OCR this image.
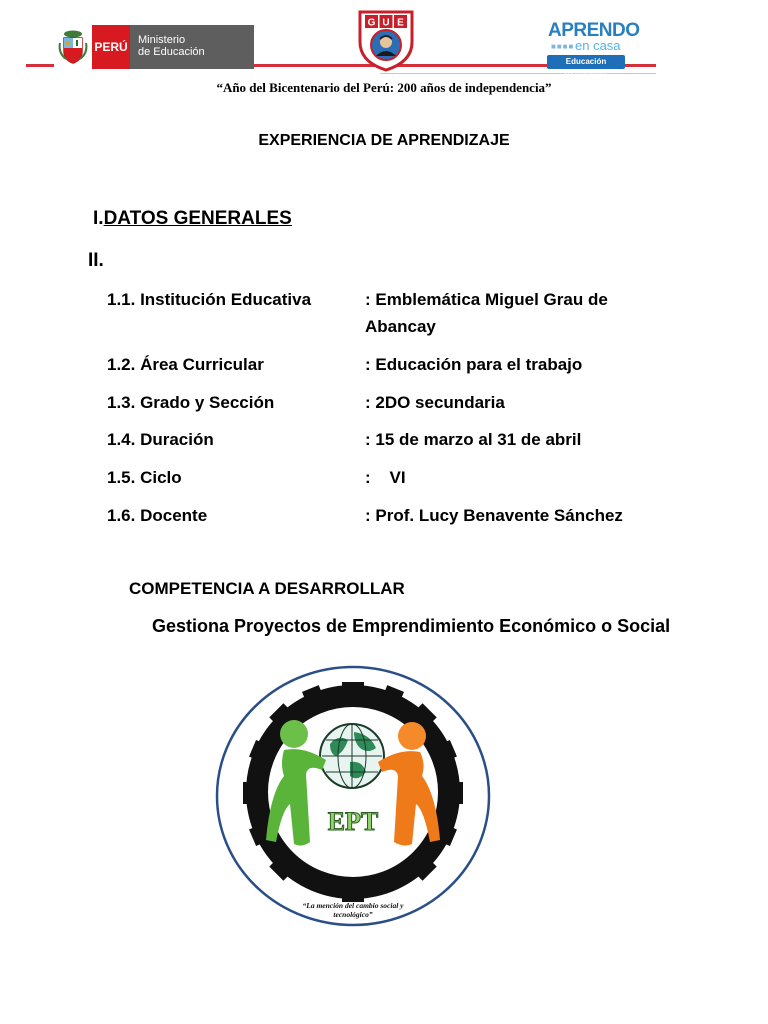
PERÚ Ministerio
de Educación
G U E	APRENDO
■■■■ en casa
Educación Secundaria
“Año del Bicentenario del Perú: 200 años de independencia”
EXPERIENCIA DE APRENDIZAJE
I.DATOS GENERALES
II.
1.1. Institución Educativa	: Emblemática Miguel Grau de Abancay
1.2. Área Curricular	: Educación para el trabajo
1.3. Grado y Sección	: 2DO secundaria
1.4. Duración	: 15 de marzo al 31 de abril
1.5. Ciclo	:    VI
1.6. Docente	: Prof. Lucy Benavente Sánchez
COMPETENCIA A DESARROLLAR
Gestiona Proyectos de Emprendimiento Económico o Social
EPT
“La mención del cambio social y
tecnológico”
